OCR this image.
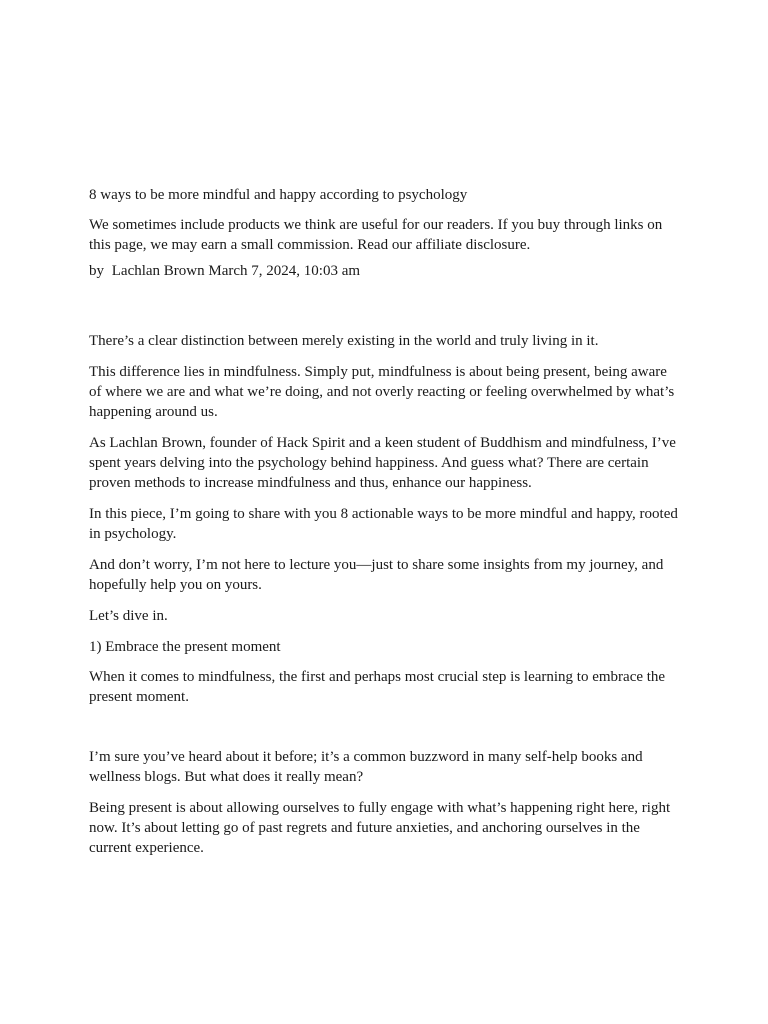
8 ways to be more mindful and happy according to psychology

We sometimes include products we think are useful for our readers. If you buy through links on this page, we may earn a small commission. Read our affiliate disclosure.

by Lachlan Brown March 7, 2024, 10:03 am

There’s a clear distinction between merely existing in the world and truly living in it.

This difference lies in mindfulness. Simply put, mindfulness is about being present, being aware of where we are and what we’re doing, and not overly reacting or feeling overwhelmed by what’s happening around us.

As Lachlan Brown, founder of Hack Spirit and a keen student of Buddhism and mindfulness, I’ve spent years delving into the psychology behind happiness. And guess what? There are certain proven methods to increase mindfulness and thus, enhance our happiness.

In this piece, I’m going to share with you 8 actionable ways to be more mindful and happy, rooted in psychology.

And don’t worry, I’m not here to lecture you—just to share some insights from my journey, and hopefully help you on yours.

Let’s dive in.

1) Embrace the present moment

When it comes to mindfulness, the first and perhaps most crucial step is learning to embrace the present moment.

I’m sure you’ve heard about it before; it’s a common buzzword in many self-help books and wellness blogs. But what does it really mean?

Being present is about allowing ourselves to fully engage with what’s happening right here, right now. It’s about letting go of past regrets and future anxieties, and anchoring ourselves in the current experience.
